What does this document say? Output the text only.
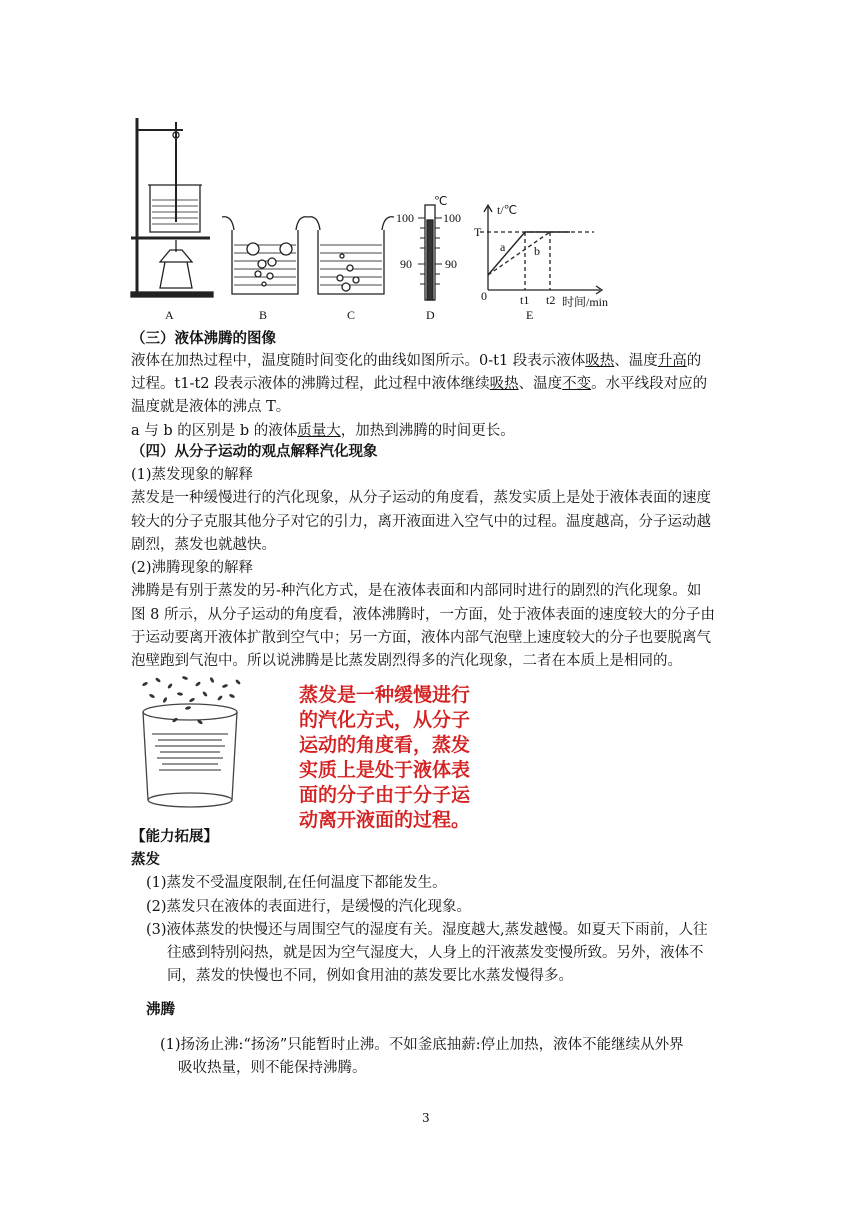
A	B	C	D	E
℃
100 100
90	90
t/℃
T
0	t1 t2 时间/min
a b
（三）液体沸腾的图像
液体在加热过程中，温度随时间变化的曲线如图所示。0-t1 段表示液体吸热、温度升高的
过程。t1-t2 段表示液体的沸腾过程，此过程中液体继续吸热、温度不变。水平线段对应的
温度就是液体的沸点 T。
a 与 b 的区别是 b 的液体质量大，加热到沸腾的时间更长。
（四）从分子运动的观点解释汽化现象
(1)蒸发现象的解释
蒸发是一种缓慢进行的汽化现象，从分子运动的角度看，蒸发实质上是处于液体表面的速度
较大的分子克服其他分子对它的引力，离开液面进入空气中的过程。温度越高，分子运动越
剧烈，蒸发也就越快。
(2)沸腾现象的解释
沸腾是有别于蒸发的另-种汽化方式，是在液体表面和内部同时进行的剧烈的汽化现象。如
图 8 所示，从分子运动的角度看，液体沸腾时，一方面，处于液体表面的速度较大的分子由
于运动要离开液体扩散到空气中；另一方面，液体内部气泡壁上速度较大的分子也要脱离气
泡壁跑到气泡中。所以说沸腾是比蒸发剧烈得多的汽化现象，二者在本质上是相同的。
蒸发是一种缓慢进行
的汽化方式，从分子
运动的角度看，蒸发
实质上是处于液体表
面的分子由于分子运
动离开液面的过程。
【能力拓展】
蒸发
(1)蒸发不受温度限制,在任何温度下都能发生。
(2)蒸发只在液体的表面进行，是缓慢的汽化现象。
(3)液体蒸发的快慢还与周围空气的湿度有关。湿度越大,蒸发越慢。如夏天下雨前，人往
往感到特别闷热，就是因为空气湿度大，人身上的汗液蒸发变慢所致。另外，液体不
同，蒸发的快慢也不同，例如食用油的蒸发要比水蒸发慢得多。
沸腾
(1)扬汤止沸:“扬汤”只能暂时止沸。不如釜底抽薪:停止加热，液体不能继续从外界
吸收热量，则不能保持沸腾。
3
